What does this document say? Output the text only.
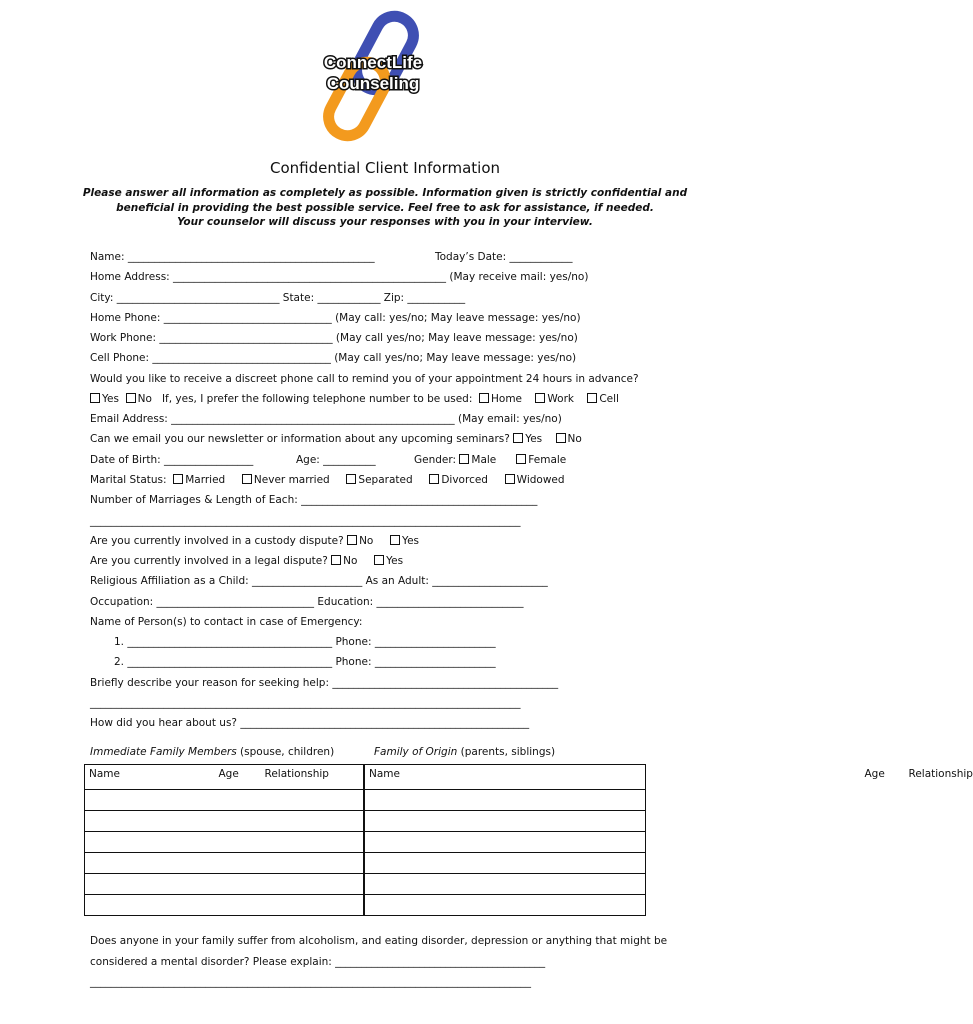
ConnectLife
Counseling
Confidential Client Information
Please answer all information as completely as possible. Information given is strictly confidential and
beneficial in providing the best possible service. Feel free to ask for assistance, if needed.
Your counselor will discuss your responses with you in your interview.
Name: _______________________________________________	Today’s Date: ____________
Home Address: ____________________________________________________ (May receive mail: yes/no)
City: _______________________________ State: ____________ Zip: ___________
Home Phone: ________________________________ (May call: yes/no; May leave message: yes/no)
Work Phone: _________________________________ (May call yes/no; May leave message: yes/no)
Cell Phone: __________________________________ (May call yes/no; May leave message: yes/no)
Would you like to receive a discreet phone call to remind you of your appointment 24 hours in advance?
Yes No If, yes, I prefer the following telephone number to be used:	Home Work Cell
Email Address: ______________________________________________________ (May email: yes/no)
Can we email you our newsletter or information about any upcoming seminars? Yes No
Date of Birth: _________________	Age: __________	Gender: Male	Female
Marital Status: Married	Never married	Separated	Divorced	Widowed
Number of Marriages & Length of Each: _____________________________________________
__________________________________________________________________________________
Are you currently involved in a custody dispute? No	Yes
Are you currently involved in a legal dispute? No	Yes
Religious Affiliation as a Child: _____________________ As an Adult: ______________________
Occupation: ______________________________ Education: ____________________________
Name of Person(s) to contact in case of Emergency:
1. _______________________________________ Phone: _______________________
2. _______________________________________ Phone: _______________________
Briefly describe your reason for seeking help: ___________________________________________
__________________________________________________________________________________
How did you hear about us? _______________________________________________________
Immediate Family Members (spouse, children)	Family of Origin (parents, siblings)
Name	Age Relationship	Name	Age Relationship

Does anyone in your family suffer from alcoholism, and eating disorder, depression or anything that might be
considered a mental disorder? Please explain: ________________________________________
____________________________________________________________________________________
